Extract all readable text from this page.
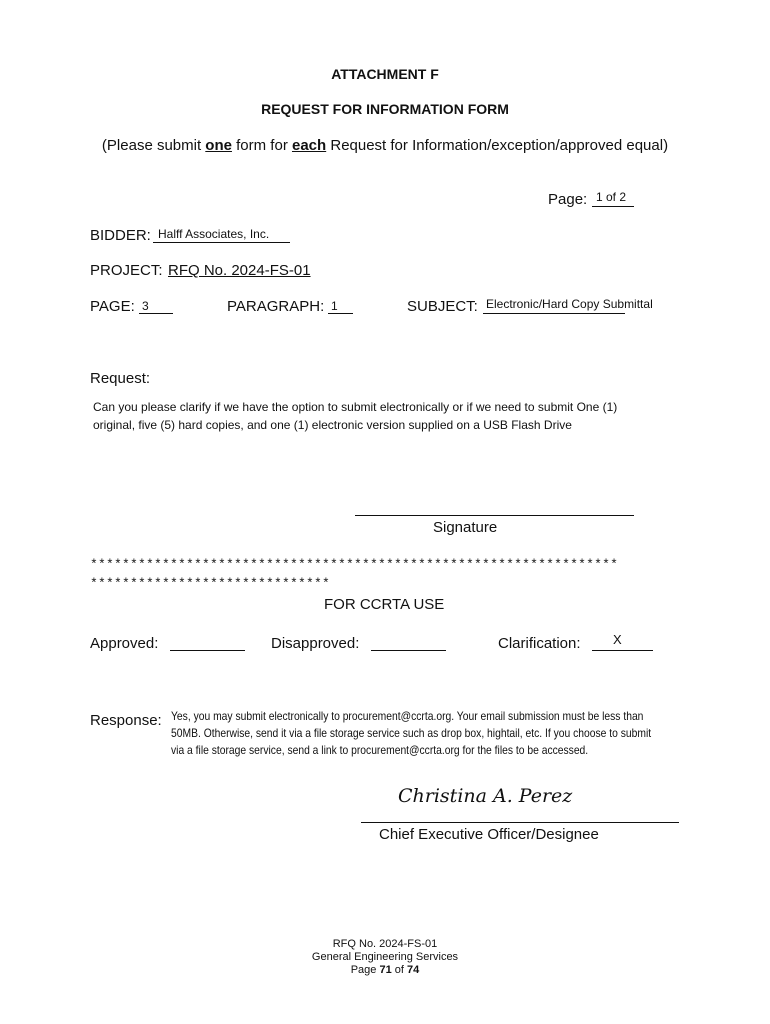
ATTACHMENT F
REQUEST FOR INFORMATION FORM
(Please submit one form for each Request for Information/exception/approved equal)
Page: 1 of 2
BIDDER: Halff Associates, Inc.
PROJECT: RFQ No. 2024-FS-01
PAGE: 3	PARAGRAPH: 1	SUBJECT: Electronic/Hard Copy Submittal
Request:
Can you please clarify if we have the option to submit electronically or if we need to submit One (1)
original, five (5) hard copies, and one (1) electronic version supplied on a USB Flash Drive
Signature
******************************************************************
******************************
FOR CCRTA USE
Approved:	Disapproved:	Clarification: X
Response: Yes, you may submit electronically to procurement@ccrta.org. Your email submission must be less than
50MB. Otherwise, send it via a file storage service such as drop box, hightail, etc. If you choose to submit
via a file storage service, send a link to procurement@ccrta.org for the files to be accessed.
Christina A. Perez
Chief Executive Officer/Designee
RFQ No. 2024-FS-01
General Engineering Services
Page 71 of 74
